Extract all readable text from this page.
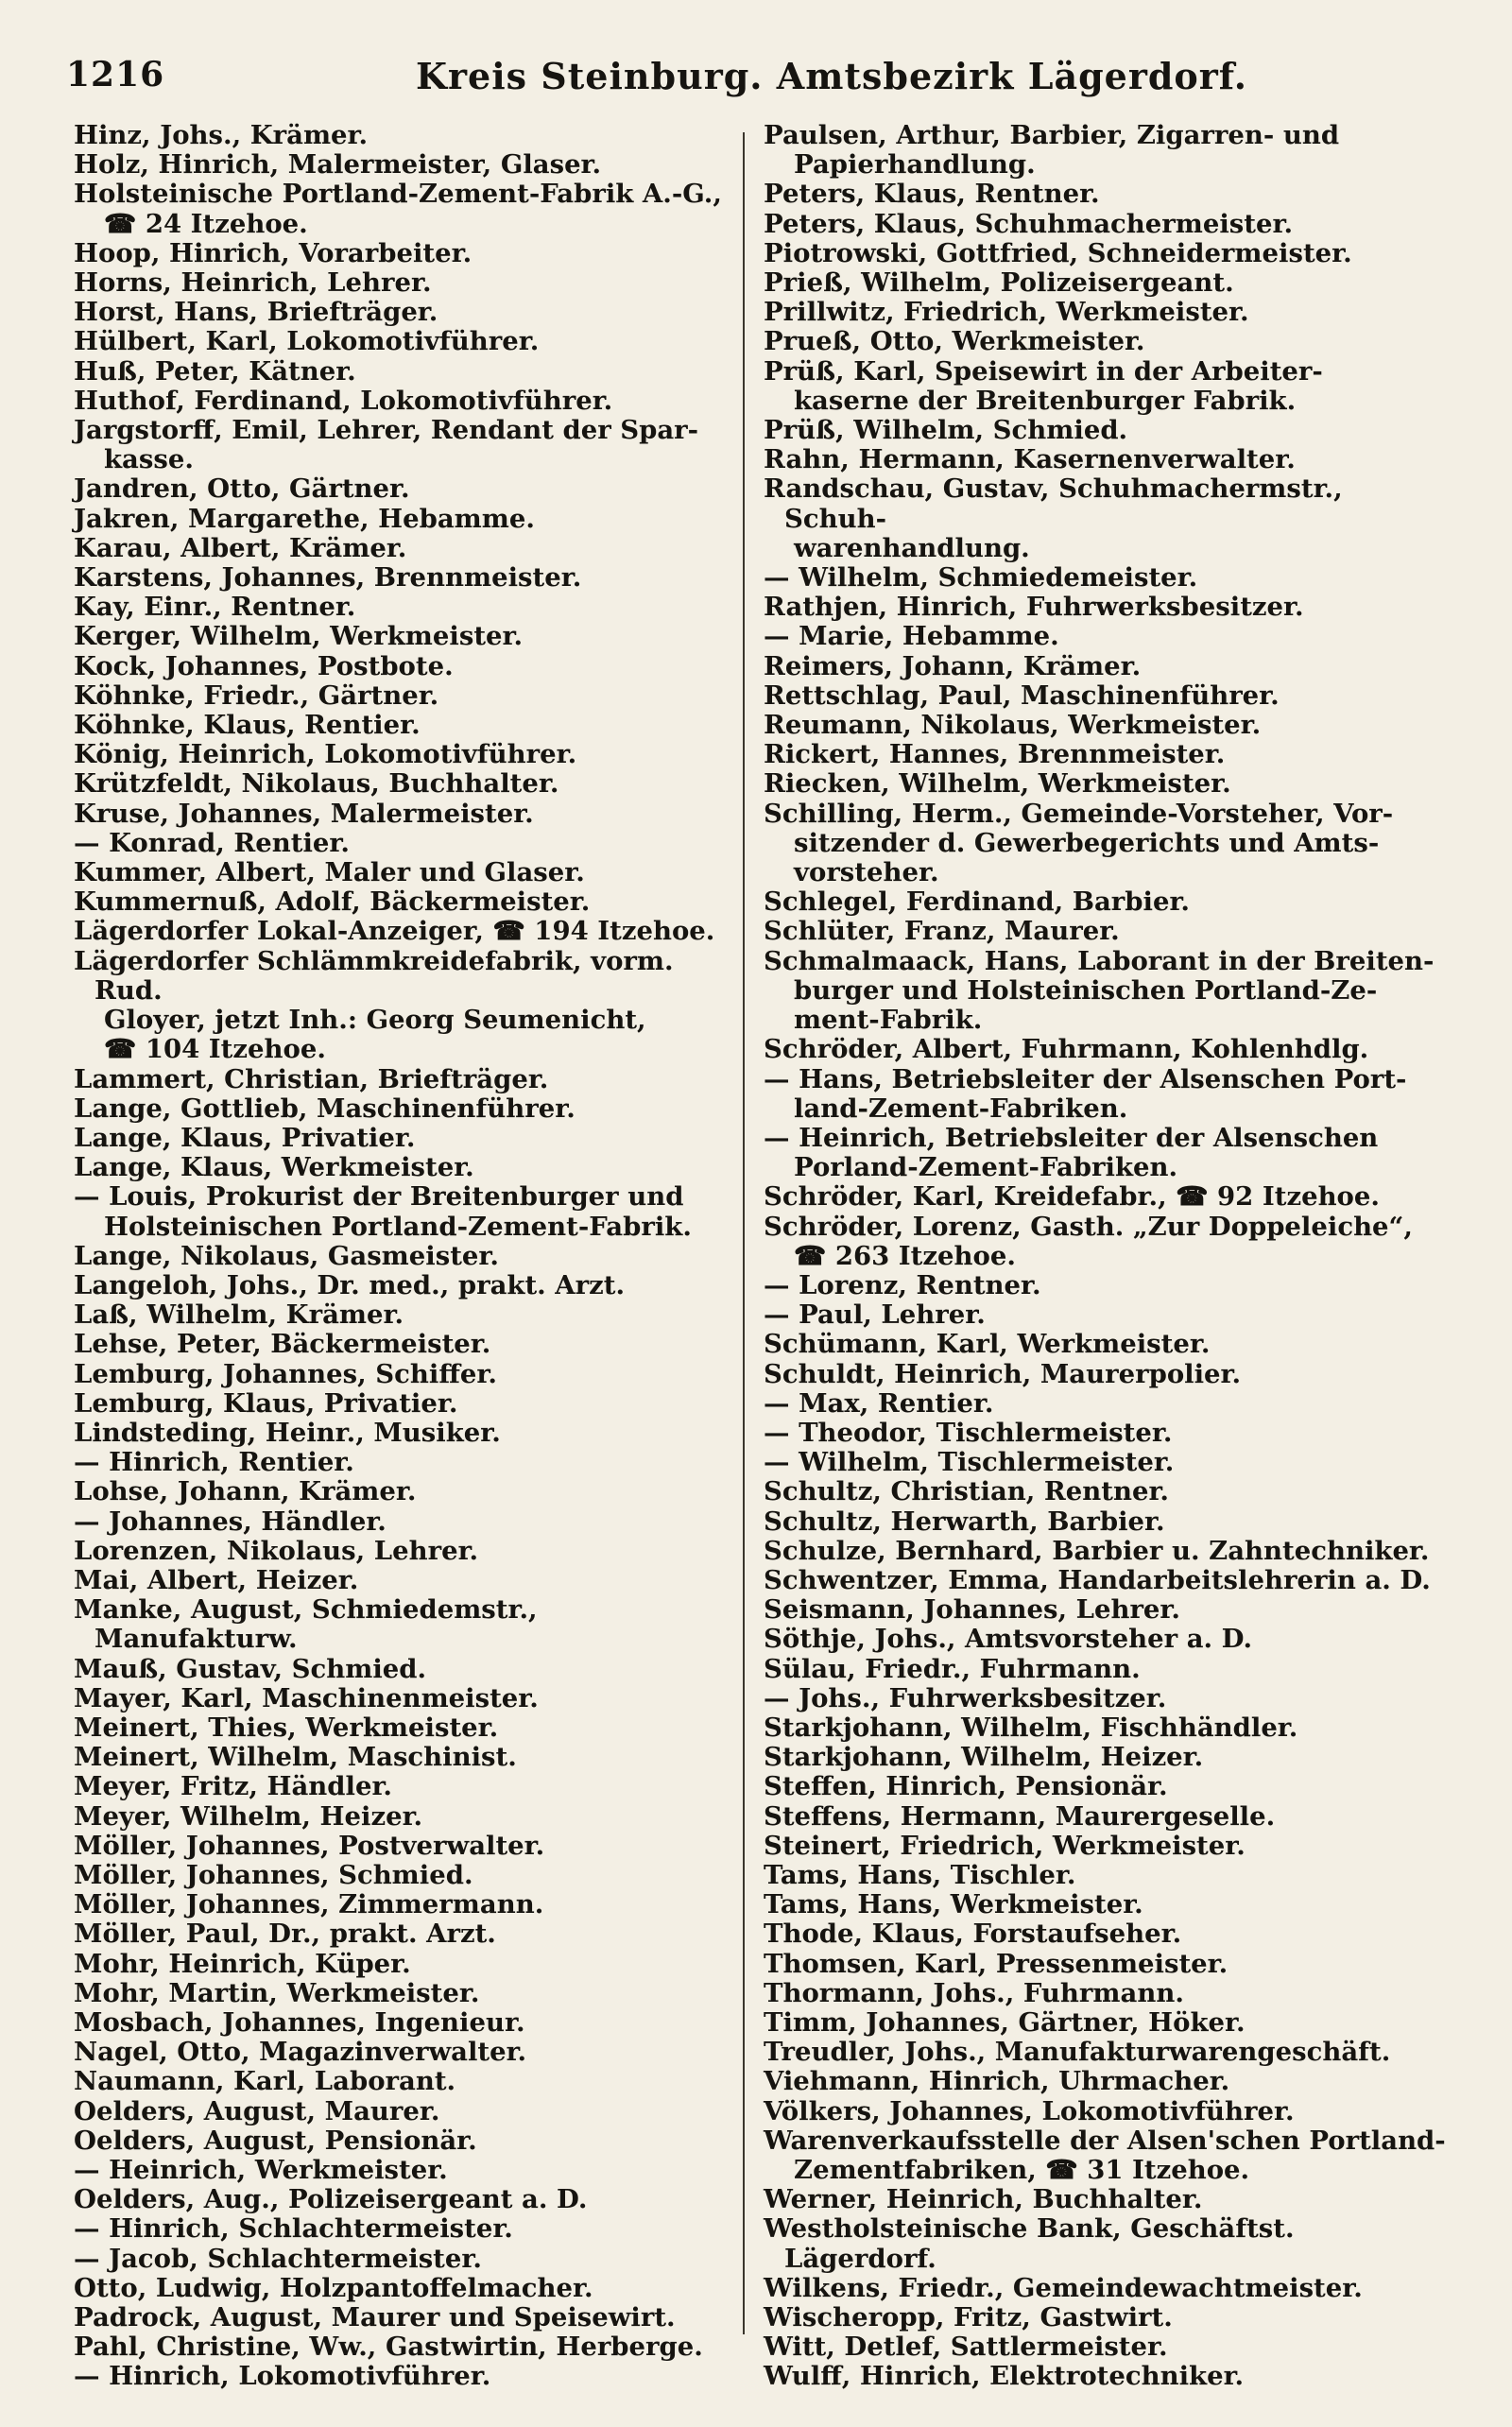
1216	Kreis Steinburg. Amtsbezirk Lägerdorf.
Hinz, Johs., Krämer.
Holz, Hinrich, Malermeister, Glaser.
Holsteinische Portland-Zement-Fabrik A.-G.,
☎ 24 Itzehoe.
Hoop, Hinrich, Vorarbeiter.
Horns, Heinrich, Lehrer.
Horst, Hans, Briefträger.
Hülbert, Karl, Lokomotivführer.
Huß, Peter, Kätner.
Huthof, Ferdinand, Lokomotivführer.
Jargstorff, Emil, Lehrer, Rendant der Spar-
kasse.
Jandren, Otto, Gärtner.
Jakren, Margarethe, Hebamme.
Karau, Albert, Krämer.
Karstens, Johannes, Brennmeister.
Kay, Einr., Rentner.
Kerger, Wilhelm, Werkmeister.
Kock, Johannes, Postbote.
Köhnke, Friedr., Gärtner.
Köhnke, Klaus, Rentier.
König, Heinrich, Lokomotivführer.
Krützfeldt, Nikolaus, Buchhalter.
Kruse, Johannes, Malermeister.
— Konrad, Rentier.
Kummer, Albert, Maler und Glaser.
Kummernuß, Adolf, Bäckermeister.
Lägerdorfer Lokal-Anzeiger, ☎ 194 Itzehoe.
Lägerdorfer Schlämmkreidefabrik, vorm. Rud.
Gloyer, jetzt Inh.: Georg Seumenicht,
☎ 104 Itzehoe.
Lammert, Christian, Briefträger.
Lange, Gottlieb, Maschinenführer.
Lange, Klaus, Privatier.
Lange, Klaus, Werkmeister.
— Louis, Prokurist der Breitenburger und
Holsteinischen Portland-Zement-Fabrik.
Lange, Nikolaus, Gasmeister.
Langeloh, Johs., Dr. med., prakt. Arzt.
Laß, Wilhelm, Krämer.
Lehse, Peter, Bäckermeister.
Lemburg, Johannes, Schiffer.
Lemburg, Klaus, Privatier.
Lindsteding, Heinr., Musiker.
— Hinrich, Rentier.
Lohse, Johann, Krämer.
— Johannes, Händler.
Lorenzen, Nikolaus, Lehrer.
Mai, Albert, Heizer.
Manke, August, Schmiedemstr., Manufakturw.
Mauß, Gustav, Schmied.
Mayer, Karl, Maschinenmeister.
Meinert, Thies, Werkmeister.
Meinert, Wilhelm, Maschinist.
Meyer, Fritz, Händler.
Meyer, Wilhelm, Heizer.
Möller, Johannes, Postverwalter.
Möller, Johannes, Schmied.
Möller, Johannes, Zimmermann.
Möller, Paul, Dr., prakt. Arzt.
Mohr, Heinrich, Küper.
Mohr, Martin, Werkmeister.
Mosbach, Johannes, Ingenieur.
Nagel, Otto, Magazinverwalter.
Naumann, Karl, Laborant.
Oelders, August, Maurer.
Oelders, August, Pensionär.
— Heinrich, Werkmeister.
Oelders, Aug., Polizeisergeant a. D.
— Hinrich, Schlachtermeister.
— Jacob, Schlachtermeister.
Otto, Ludwig, Holzpantoffelmacher.
Padrock, August, Maurer und Speisewirt.
Pahl, Christine, Ww., Gastwirtin, Herberge.
— Hinrich, Lokomotivführer.
Paulsen, Arthur, Barbier, Zigarren- und
Papierhandlung.
Peters, Klaus, Rentner.
Peters, Klaus, Schuhmachermeister.
Piotrowski, Gottfried, Schneidermeister.
Prieß, Wilhelm, Polizeisergeant.
Prillwitz, Friedrich, Werkmeister.
Prueß, Otto, Werkmeister.
Prüß, Karl, Speisewirt in der Arbeiter-
kaserne der Breitenburger Fabrik.
Prüß, Wilhelm, Schmied.
Rahn, Hermann, Kasernenverwalter.
Randschau, Gustav, Schuhmachermstr., Schuh-
warenhandlung.
— Wilhelm, Schmiedemeister.
Rathjen, Hinrich, Fuhrwerksbesitzer.
— Marie, Hebamme.
Reimers, Johann, Krämer.
Rettschlag, Paul, Maschinenführer.
Reumann, Nikolaus, Werkmeister.
Rickert, Hannes, Brennmeister.
Riecken, Wilhelm, Werkmeister.
Schilling, Herm., Gemeinde-Vorsteher, Vor-
sitzender d. Gewerbegerichts und Amts-
vorsteher.
Schlegel, Ferdinand, Barbier.
Schlüter, Franz, Maurer.
Schmalmaack, Hans, Laborant in der Breiten-
burger und Holsteinischen Portland-Ze-
ment-Fabrik.
Schröder, Albert, Fuhrmann, Kohlenhdlg.
— Hans, Betriebsleiter der Alsenschen Port-
land-Zement-Fabriken.
— Heinrich, Betriebsleiter der Alsenschen
Porland-Zement-Fabriken.
Schröder, Karl, Kreidefabr., ☎ 92 Itzehoe.
Schröder, Lorenz, Gasth. „Zur Doppeleiche“,
☎ 263 Itzehoe.
— Lorenz, Rentner.
— Paul, Lehrer.
Schümann, Karl, Werkmeister.
Schuldt, Heinrich, Maurerpolier.
— Max, Rentier.
— Theodor, Tischlermeister.
— Wilhelm, Tischlermeister.
Schultz, Christian, Rentner.
Schultz, Herwarth, Barbier.
Schulze, Bernhard, Barbier u. Zahntechniker.
Schwentzer, Emma, Handarbeitslehrerin a. D.
Seismann, Johannes, Lehrer.
Söthje, Johs., Amtsvorsteher a. D.
Sülau, Friedr., Fuhrmann.
— Johs., Fuhrwerksbesitzer.
Starkjohann, Wilhelm, Fischhändler.
Starkjohann, Wilhelm, Heizer.
Steffen, Hinrich, Pensionär.
Steffens, Hermann, Maurergeselle.
Steinert, Friedrich, Werkmeister.
Tams, Hans, Tischler.
Tams, Hans, Werkmeister.
Thode, Klaus, Forstaufseher.
Thomsen, Karl, Pressenmeister.
Thormann, Johs., Fuhrmann.
Timm, Johannes, Gärtner, Höker.
Treudler, Johs., Manufakturwarengeschäft.
Viehmann, Hinrich, Uhrmacher.
Völkers, Johannes, Lokomotivführer.
Warenverkaufsstelle der Alsen'schen Portland-
Zementfabriken, ☎ 31 Itzehoe.
Werner, Heinrich, Buchhalter.
Westholsteinische Bank, Geschäftst. Lägerdorf.
Wilkens, Friedr., Gemeindewachtmeister.
Wischeropp, Fritz, Gastwirt.
Witt, Detlef, Sattlermeister.
Wulff, Hinrich, Elektrotechniker.
